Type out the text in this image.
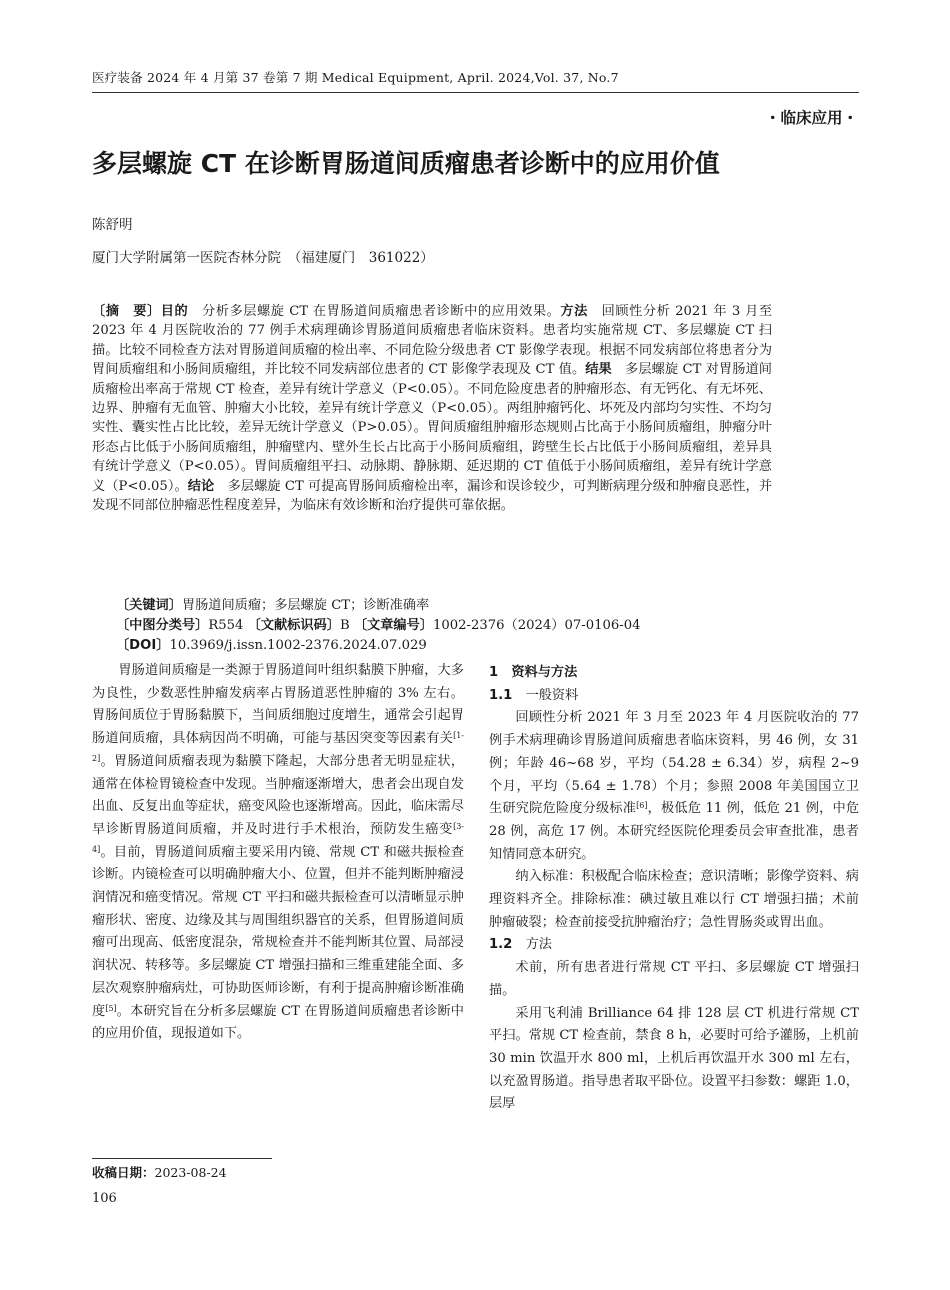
医疗装备 2024 年 4 月第 37 卷第 7 期 Medical Equipment, April. 2024,Vol. 37, No.7
・临床应用・
多层螺旋 CT 在诊断胃肠道间质瘤患者诊断中的应用价值
陈舒明
厦门大学附属第一医院杏林分院　（福建厦门　361022）

〔摘　要〕目的　分析多层螺旋 CT 在胃肠道间质瘤患者诊断中的应用效果。方法　回顾性分析 2021 年 3 月至 2023 年 4 月医院收治的 77 例手术病理确诊胃肠道间质瘤患者临床资料。患者均实施常规 CT、多层螺旋 CT 扫描。比较不同检查方法对胃肠道间质瘤的检出率、不同危险分级患者 CT 影像学表现。根据不同发病部位将患者分为胃间质瘤组和小肠间质瘤组，并比较不同发病部位患者的 CT 影像学表现及 CT 值。结果　多层螺旋 CT 对胃肠道间质瘤检出率高于常规 CT 检查，差异有统计学意义（P<0.05）。不同危险度患者的肿瘤形态、有无钙化、有无坏死、边界、肿瘤有无血管、肿瘤大小比较，差异有统计学意义（P<0.05）。两组肿瘤钙化、坏死及内部均匀实性、不均匀实性、囊实性占比比较，差异无统计学意义（P>0.05）。胃间质瘤组肿瘤形态规则占比高于小肠间质瘤组，肿瘤分叶形态占比低于小肠间质瘤组，肿瘤壁内、壁外生长占比高于小肠间质瘤组，跨壁生长占比低于小肠间质瘤组，差异具有统计学意义（P<0.05）。胃间质瘤组平扫、动脉期、静脉期、延迟期的 CT 值低于小肠间质瘤组，差异有统计学意义（P<0.05）。结论　多层螺旋 CT 可提高胃肠间质瘤检出率，漏诊和误诊较少，可判断病理分级和肿瘤良恶性，并发现不同部位肿瘤恶性程度差异，为临床有效诊断和治疗提供可靠依据。

〔关键词〕胃肠道间质瘤；多层螺旋 CT；诊断准确率
〔中图分类号〕R554 〔文献标识码〕B 〔文章编号〕1002-2376（2024）07-0106-04
〔DOI〕10.3969/j.issn.1002-2376.2024.07.029

胃肠道间质瘤是一类源于胃肠道间叶组织黏膜下肿瘤，大多为良性，少数恶性肿瘤发病率占胃肠道恶性肿瘤的 3% 左右。胃肠间质位于胃肠黏膜下，当间质细胞过度增生，通常会引起胃肠道间质瘤，具体病因尚不明确，可能与基因突变等因素有关[1-2]。胃肠道间质瘤表现为黏膜下隆起，大部分患者无明显症状，通常在体检胃镜检查中发现。当肿瘤逐渐增大，患者会出现自发出血、反复出血等症状，癌变风险也逐渐增高。因此，临床需尽早诊断胃肠道间质瘤，并及时进行手术根治，预防发生癌变[3-4]。目前，胃肠道间质瘤主要采用内镜、常规 CT 和磁共振检查诊断。内镜检查可以明确肿瘤大小、位置，但并不能判断肿瘤浸润情况和癌变情况。常规 CT 平扫和磁共振检查可以清晰显示肿瘤形状、密度、边缘及其与周围组织器官的关系，但胃肠道间质瘤可出现高、低密度混杂，常规检查并不能判断其位置、局部浸润状况、转移等。多层螺旋 CT 增强扫描和三维重建能全面、多层次观察肿瘤病灶，可协助医师诊断，有利于提高肿瘤诊断准确度[5]。本研究旨在分析多层螺旋 CT 在胃肠道间质瘤患者诊断中的应用价值，现报道如下。

1　资料与方法

1.1　 一般资料

回顾性分析 2021 年 3 月至 2023 年 4 月医院收治的 77 例手术病理确诊胃肠道间质瘤患者临床资料，男 46 例，女 31 例；年龄 46~68 岁，平均（54.28 ± 6.34）岁，病程 2~9 个月，平均（5.64 ± 1.78）个月；参照 2008 年美国国立卫生研究院危险度分级标准[6]，极低危 11 例，低危 21 例，中危 28 例，高危 17 例。本研究经医院伦理委员会审查批准，患者知情同意本研究。

纳入标准：积极配合临床检查；意识清晰；影像学资料、病理资料齐全。排除标准：碘过敏且难以行 CT 增强扫描；术前肿瘤破裂；检查前接受抗肿瘤治疗；急性胃肠炎或胃出血。

1.2　 方法

术前，所有患者进行常规 CT 平扫、多层螺旋 CT 增强扫描。

采用飞利浦 Brilliance 64 排 128 层 CT 机进行常规 CT 平扫。常规 CT 检查前，禁食 8 h，必要时可给予灌肠，上机前 30 min 饮温开水 800 ml，上机后再饮温开水 300 ml 左右，以充盈胃肠道。指导患者取平卧位。设置平扫参数：螺距 1.0，层厚

收稿日期：2023-08-24
106
